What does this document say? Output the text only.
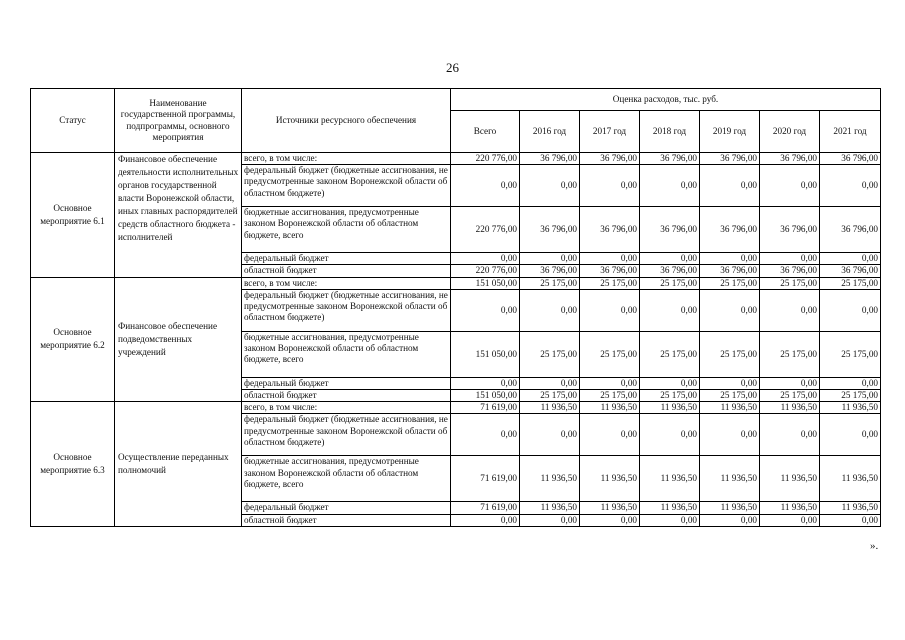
26
Статус	Наименование государственной программы, подпрограммы, основного мероприятия	Источники ресурсного обеспечения	Оценка расходов, тыс. руб.						
			Всего	2016 год	2017 год	2018 год	2019 год	2020 год	2021 год
Основное мероприятие 6.1	Финансовое обеспечение деятельности исполнительных органов государственной власти Воронежской области, иных главных распорядителей средств областного бюджета - исполнителей	всего, в том числе:	220 776,00	36 796,00	36 796,00	36 796,00	36 796,00	36 796,00	36 796,00
		федеральный бюджет (бюджетные ассигнования, не предусмотренные законом Воронежской области об областном бюджете)	0,00	0,00	0,00	0,00	0,00	0,00	0,00
		бюджетные ассигнования, предусмотренные законом Воронежской области об областном бюджете, всего	220 776,00	36 796,00	36 796,00	36 796,00	36 796,00	36 796,00	36 796,00
		федеральный бюджет	0,00	0,00	0,00	0,00	0,00	0,00	0,00
		областной бюджет	220 776,00	36 796,00	36 796,00	36 796,00	36 796,00	36 796,00	36 796,00
Основное мероприятие 6.2	Финансовое обеспечение подведомственных учреждений	всего, в том числе:	151 050,00	25 175,00	25 175,00	25 175,00	25 175,00	25 175,00	25 175,00
		федеральный бюджет (бюджетные ассигнования, не предусмотренные законом Воронежской области об областном бюджете)	0,00	0,00	0,00	0,00	0,00	0,00	0,00
		бюджетные ассигнования, предусмотренные законом Воронежской области об областном бюджете, всего	151 050,00	25 175,00	25 175,00	25 175,00	25 175,00	25 175,00	25 175,00
		федеральный бюджет	0,00	0,00	0,00	0,00	0,00	0,00	0,00
		областной бюджет	151 050,00	25 175,00	25 175,00	25 175,00	25 175,00	25 175,00	25 175,00
Основное мероприятие 6.3	Осуществление переданных полномочий	всего, в том числе:	71 619,00	11 936,50	11 936,50	11 936,50	11 936,50	11 936,50	11 936,50
		федеральный бюджет (бюджетные ассигнования, не предусмотренные законом Воронежской области об областном бюджете)	0,00	0,00	0,00	0,00	0,00	0,00	0,00
		бюджетные ассигнования, предусмотренные законом Воронежской области об областном бюджете, всего	71 619,00	11 936,50	11 936,50	11 936,50	11 936,50	11 936,50	11 936,50
		федеральный бюджет	71 619,00	11 936,50	11 936,50	11 936,50	11 936,50	11 936,50	11 936,50
		областной бюджет	0,00	0,00	0,00	0,00	0,00	0,00	0,00
».
